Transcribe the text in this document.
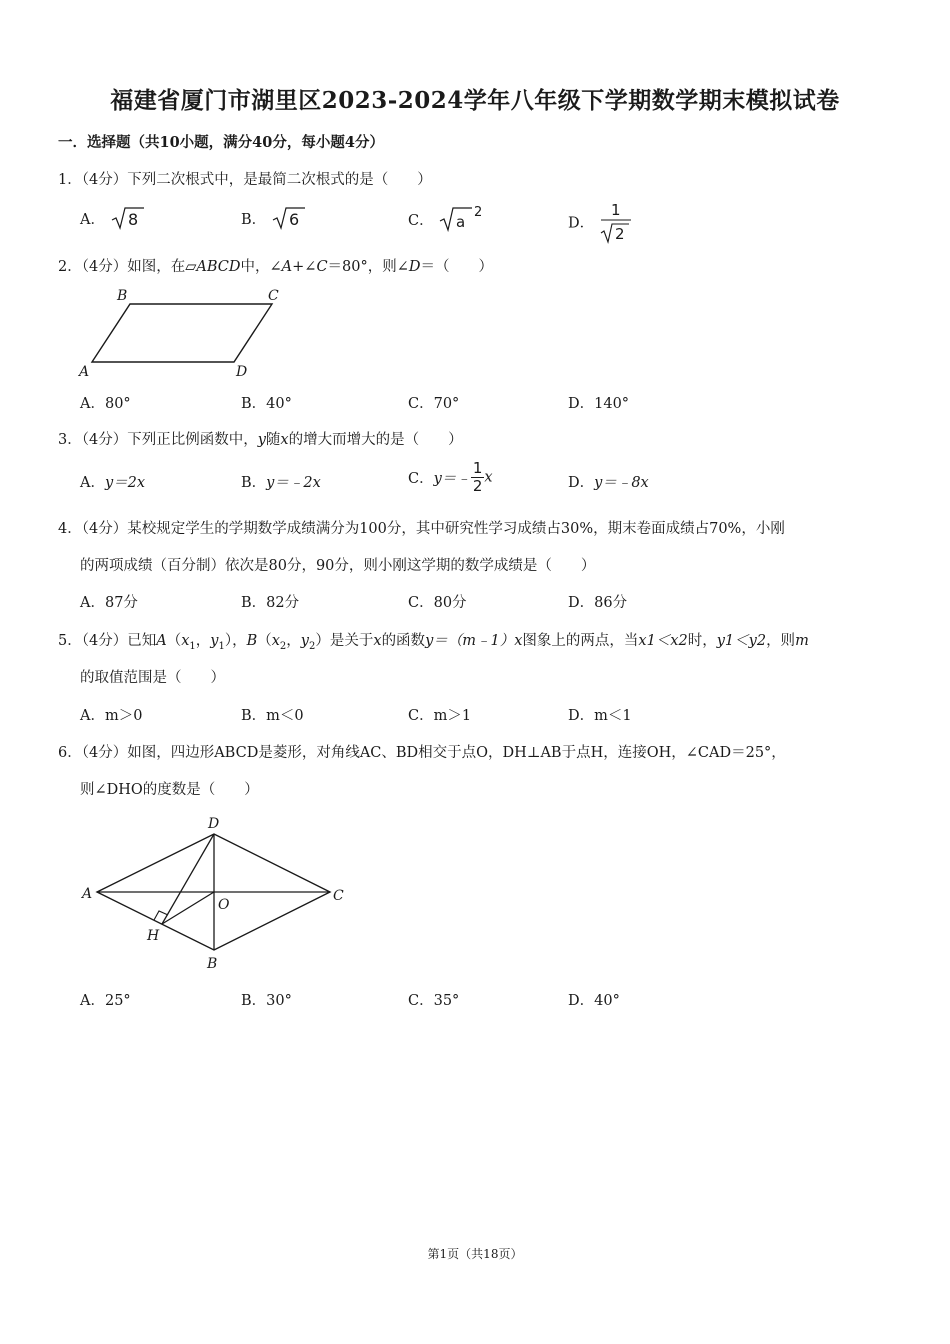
福建省厦门市湖里区2023-2024学年八年级下学期数学期末模拟试卷
一．选择题（共10小题，满分40分，每小题4分）
1．（4分）下列二次根式中，是最简二次根式的是（　　）
A． 8	B． 6	C． a
2
D．
1
2
2．（4分）如图，在▱ABCD中，∠A+∠C＝80°，则∠D＝（　　）
B	C
A	D
A．80°	B．40°	C．70°	D．140°
3．（4分）下列正比例函数中，y随x的增大而增大的是（　　）
A．y＝2x	B．y＝﹣2x	C．y＝﹣ $\frac{1}{2}$ x	D．y＝﹣8x
4．（4分）某校规定学生的学期数学成绩满分为100分，其中研究性学习成绩占30%，期末卷面成绩占70%，小刚
的两项成绩（百分制）依次是80分，90分，则小刚这学期的数学成绩是（　　）
A．87分	B．82分	C．80分	D．86分
5．（4分）已知$A(x_1$，$y_1$），$B(x_2$，$y_2$）是关于x的函数y＝（m﹣1）x图象上的两点，当x1＜x2时，y1＜y2，则m
的取值范围是（　　）
A．m＞0	B．m＜0	C．m＞1	D．m＜1
6．（4分）如图，四边形ABCD是菱形，对角线AC、BD相交于点O，DH⊥AB于点H，连接OH，∠CAD＝25°，
则∠DHO的度数是（　　）
D
A	C
O
H
B
A．25°	B．30°	C．35°	D．40°
第1页（共18页）
